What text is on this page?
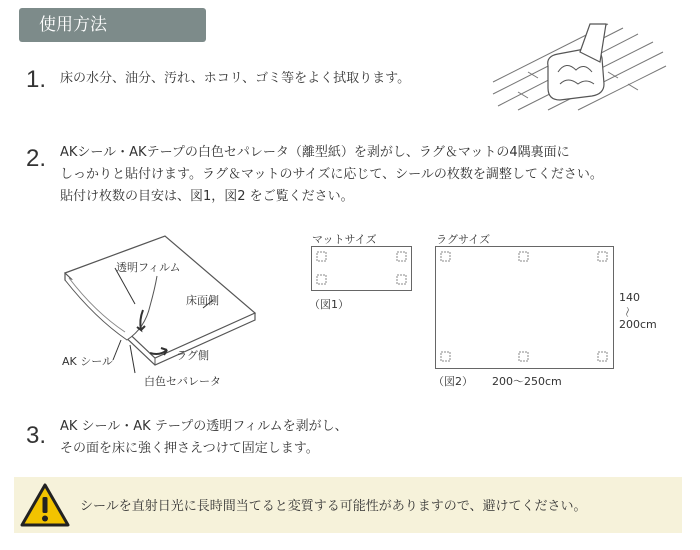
使用方法
1. 床の水分、油分、汚れ、ホコリ、ゴミ等をよく拭取ります。
2. AKシール・AKテープの白色セパレータ（離型紙）を剥がし、ラグ＆マットの4隅裏面に
しっかりと貼付けます。ラグ＆マットのサイズに応じて、シールの枚数を調整してください。
貼付け枚数の目安は、図1，図2 をご覧ください。
透明フィルム
床面側
AK シール	ラグ側
白色セパレータ
マットサイズ
（図1）
ラグサイズ
140
〜
200cm
（図2） 200〜250cm
3. AK シール・AK テープの透明フィルムを剥がし、
その面を床に強く押さえつけて固定します。
シールを直射日光に長時間当てると変質する可能性がありますので、避けてください。
